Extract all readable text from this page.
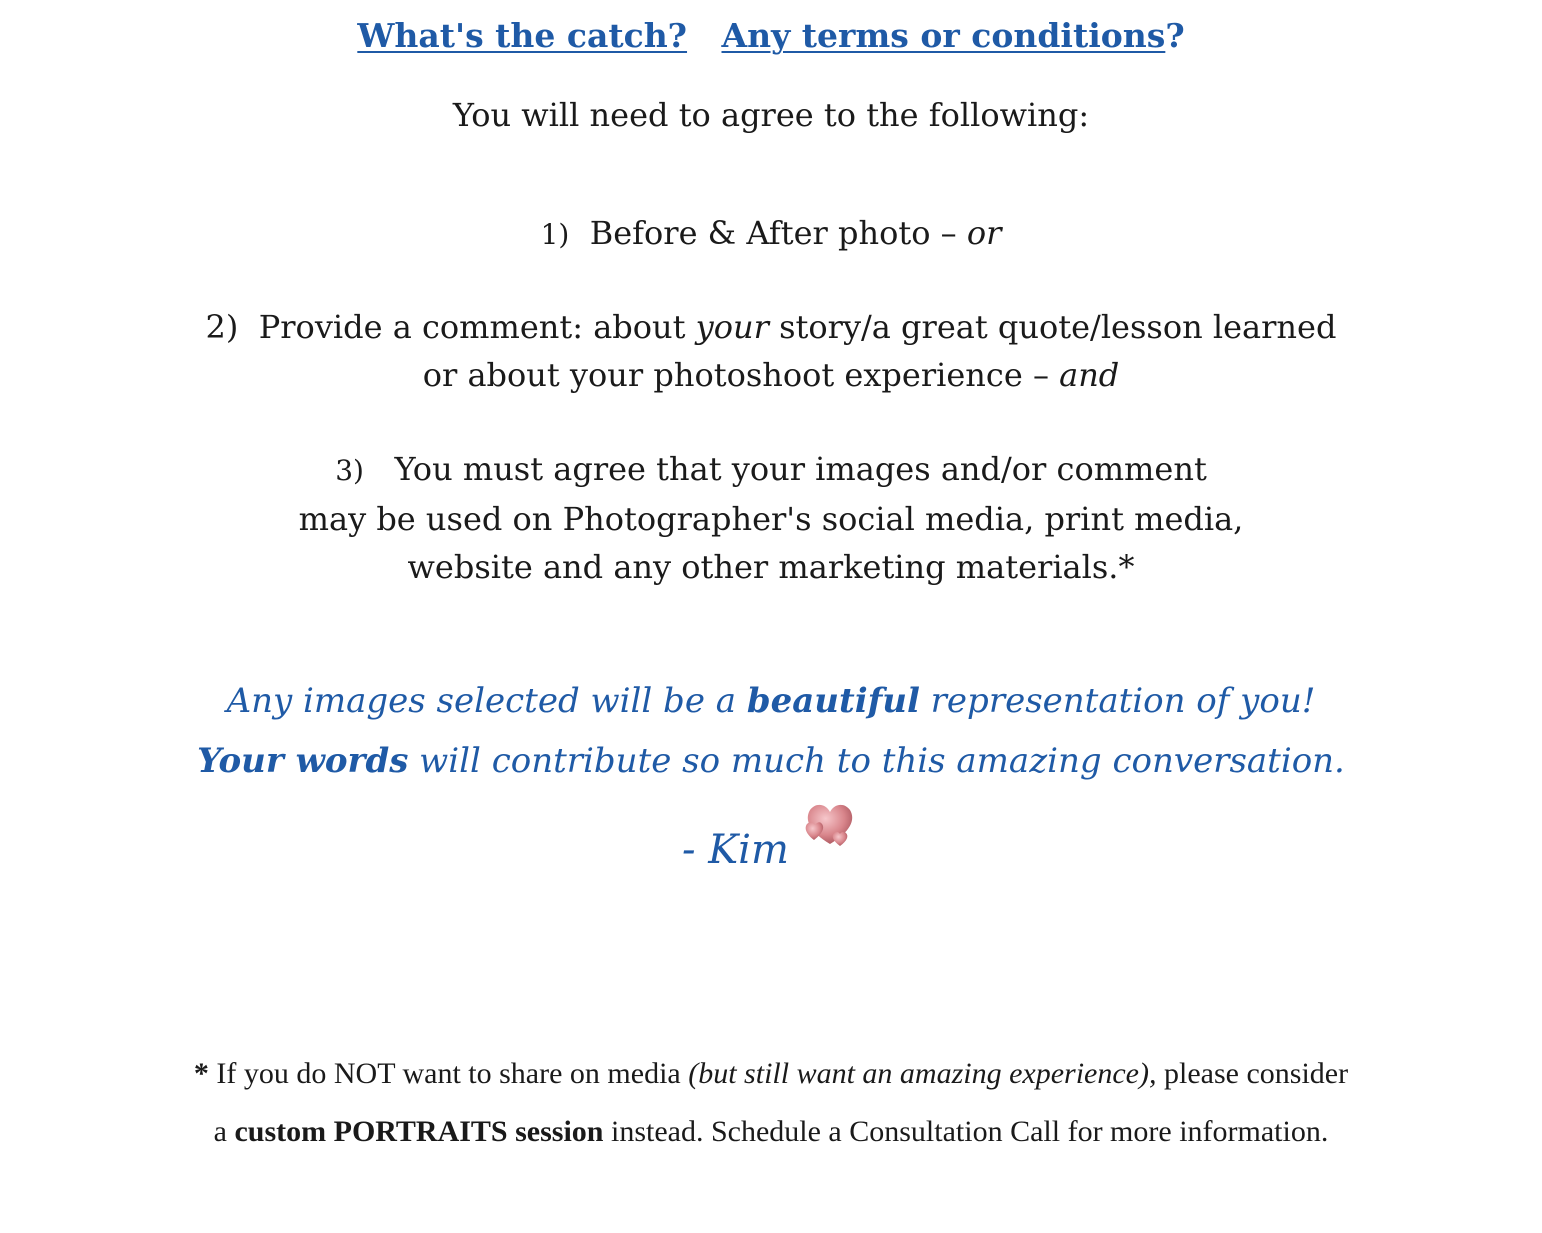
What's the catch? Any terms or conditions?
You will need to agree to the following:
1) Before & After photo – or
2) Provide a comment: about your story/a great quote/lesson learned
or about your photoshoot experience – and
3) You must agree that your images and/or comment
may be used on Photographer's social media, print media,
website and any other marketing materials.*
Any images selected will be a beautiful representation of you!
Your words will contribute so much to this amazing conversation.
- Kim
* If you do NOT want to share on media (but still want an amazing experience), please consider
a custom PORTRAITS session instead. Schedule a Consultation Call for more information.
